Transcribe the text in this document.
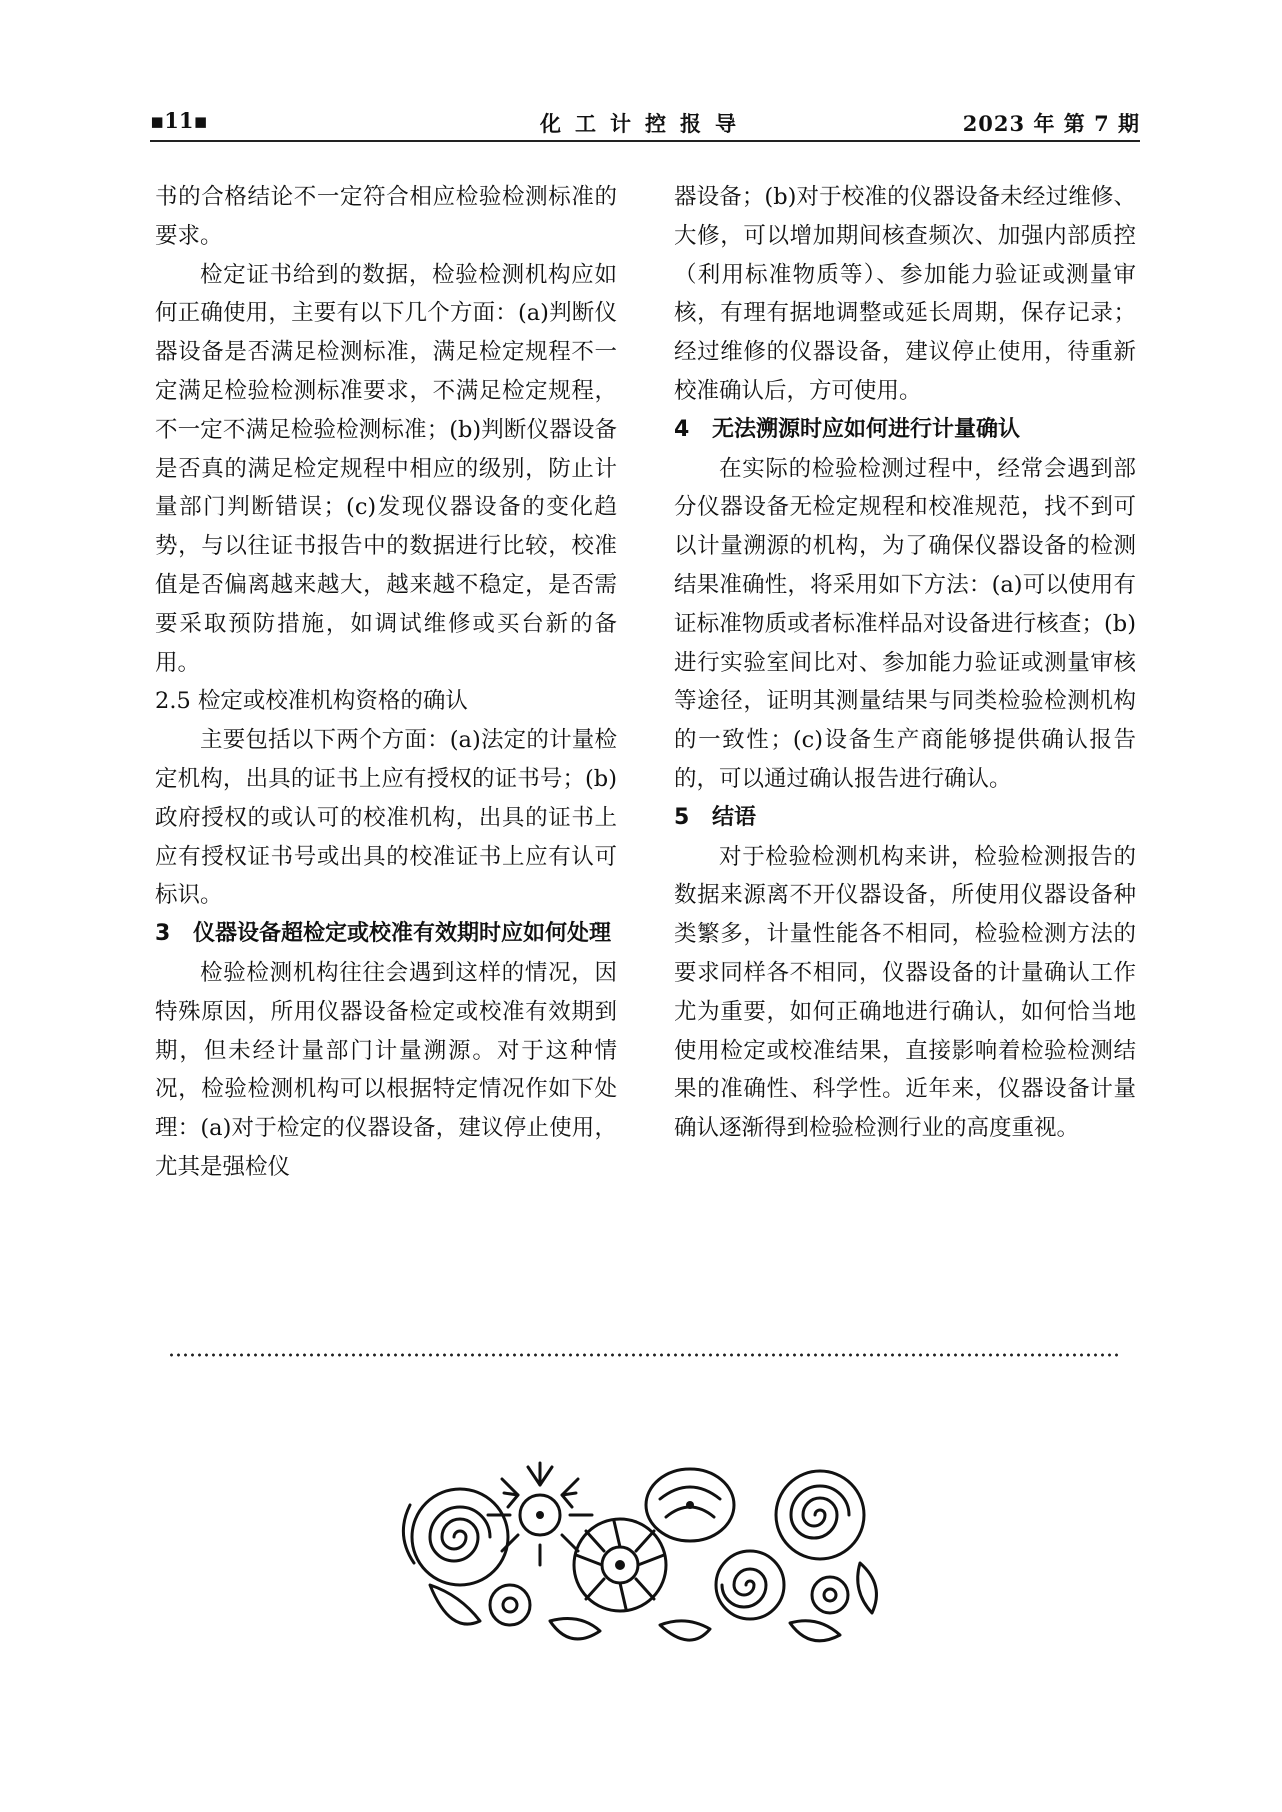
▪11▪	化工计控报导	2023 年 第 7 期

书的合格结论不一定符合相应检验检测标准的要求。

检定证书给到的数据，检验检测机构应如何正确使用，主要有以下几个方面：(a)判断仪器设备是否满足检测标准，满足检定规程不一定满足检验检测标准要求，不满足检定规程，不一定不满足检验检测标准；(b)判断仪器设备是否真的满足检定规程中相应的级别，防止计量部门判断错误；(c)发现仪器设备的变化趋势，与以往证书报告中的数据进行比较，校准值是否偏离越来越大，越来越不稳定，是否需要采取预防措施，如调试维修或买台新的备用。

2.5 检定或校准机构资格的确认

主要包括以下两个方面：(a)法定的计量检定机构，出具的证书上应有授权的证书号；(b)政府授权的或认可的校准机构，出具的证书上应有授权证书号或出具的校准证书上应有认可标识。

3 仪器设备超检定或校准有效期时应如何处理

检验检测机构往往会遇到这样的情况，因特殊原因，所用仪器设备检定或校准有效期到期，但未经计量部门计量溯源。对于这种情况，检验检测机构可以根据特定情况作如下处理：(a)对于检定的仪器设备，建议停止使用，尤其是强检仪

器设备；(b)对于校准的仪器设备未经过维修、大修，可以增加期间核查频次、加强内部质控（利用标准物质等）、参加能力验证或测量审核，有理有据地调整或延长周期，保存记录；经过维修的仪器设备，建议停止使用，待重新校准确认后，方可使用。

4 无法溯源时应如何进行计量确认

在实际的检验检测过程中，经常会遇到部分仪器设备无检定规程和校准规范，找不到可以计量溯源的机构，为了确保仪器设备的检测结果准确性，将采用如下方法：(a)可以使用有证标准物质或者标准样品对设备进行核查；(b)进行实验室间比对、参加能力验证或测量审核等途径，证明其测量结果与同类检验检测机构的一致性；(c)设备生产商能够提供确认报告的，可以通过确认报告进行确认。

5 结语

对于检验检测机构来讲，检验检测报告的数据来源离不开仪器设备，所使用仪器设备种类繁多，计量性能各不相同，检验检测方法的要求同样各不相同，仪器设备的计量确认工作尤为重要，如何正确地进行确认，如何恰当地使用检定或校准结果，直接影响着检验检测结果的准确性、科学性。近年来，仪器设备计量确认逐渐得到检验检测行业的高度重视。
